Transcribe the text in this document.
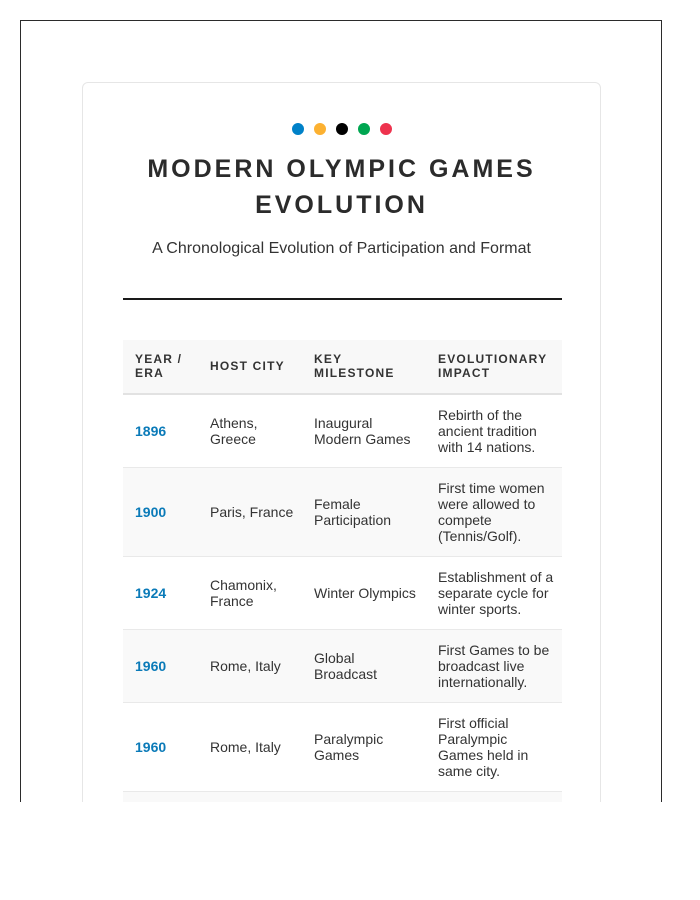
MODERN OLYMPIC GAMES EVOLUTION

A Chronological Evolution of Participation and Format

YEAR / ERA	HOST CITY	KEY MILESTONE	EVOLUTIONARY IMPACT
1896	Athens, Greece	Inaugural Modern Games	Rebirth of the ancient tradition with 14 nations.
1900	Paris, France	Female Participation	First time women were allowed to compete (Tennis/Golf).
1924	Chamonix, France	Winter Olympics	Establishment of a separate cycle for winter sports.
1960	Rome, Italy	Global Broadcast	First Games to be broadcast live internationally.
1960	Rome, Italy	Paralympic Games	First official Paralympic Games held in same city.
